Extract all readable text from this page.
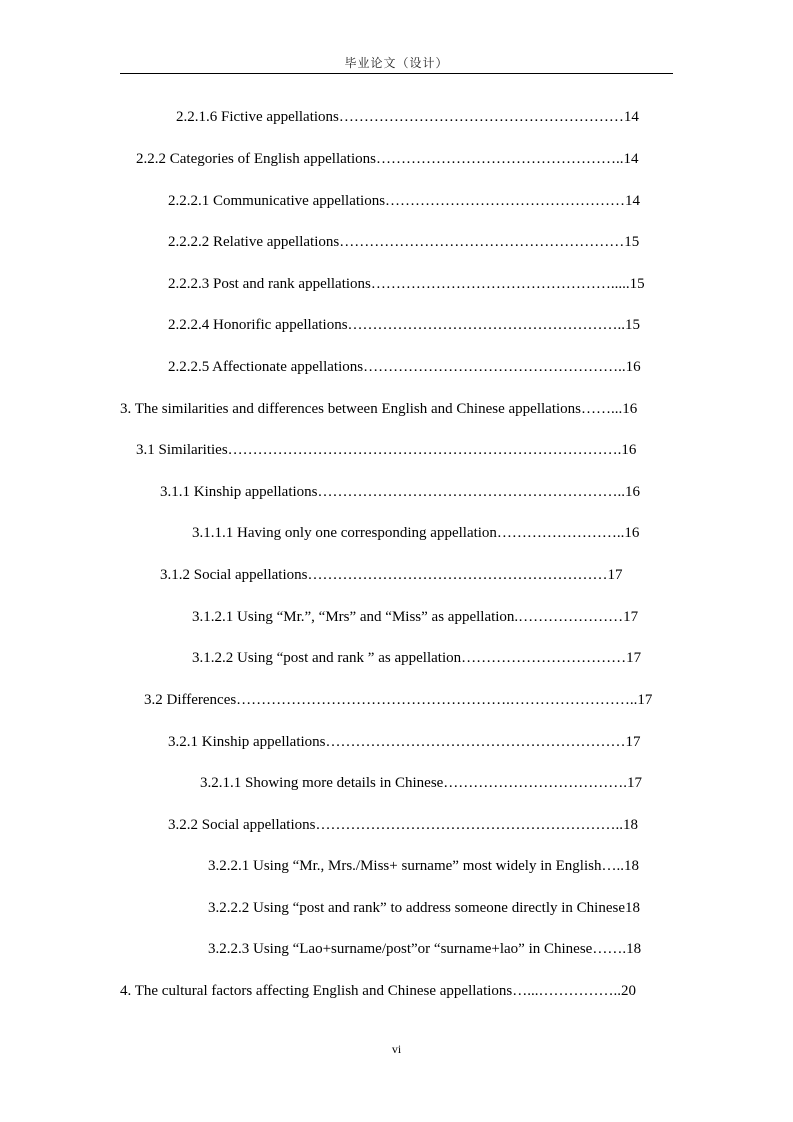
毕业论文（设计）
2.2.1.6 Fictive appellations…………………………………………………14
2.2.2 Categories of English appellations…………………………………………..14
2.2.2.1 Communicative appellations…………………………………………14
2.2.2.2 Relative appellations…………………………………………………15
2.2.2.3 Post and rank appellations………………………………………….....15
2.2.2.4 Honorific appellations………………………………………………..15
2.2.2.5 Affectionate appellations……………………………………………..16
3. The similarities and differences between English and Chinese appellations……...16
3.1 Similarities…………………………………………………………………….16
3.1.1 Kinship appellations……………………………………………………..16
3.1.1.1 Having only one corresponding appellation……………………..16
3.1.2 Social appellations……………………………………………………17
3.1.2.1 Using “Mr.”, “Mrs” and “Miss” as appellation.…………………17
3.1.2.2 Using “post and rank ” as appellation……………………………17
3.2 Differences……………………………………………….……………………..17
3.2.1 Kinship appellations……………………………………………………17
3.2.1.1 Showing more details in Chinese……………………………….17
3.2.2 Social appellations……………………………………………………..18
3.2.2.1 Using “Mr., Mrs./Miss+ surname” most widely in English…..18
3.2.2.2 Using “post and rank” to address someone directly in Chinese18
3.2.2.3 Using “Lao+surname/post”or “surname+lao” in Chinese…….18
4. The cultural factors affecting English and Chinese appellations…...……………..20
vi
